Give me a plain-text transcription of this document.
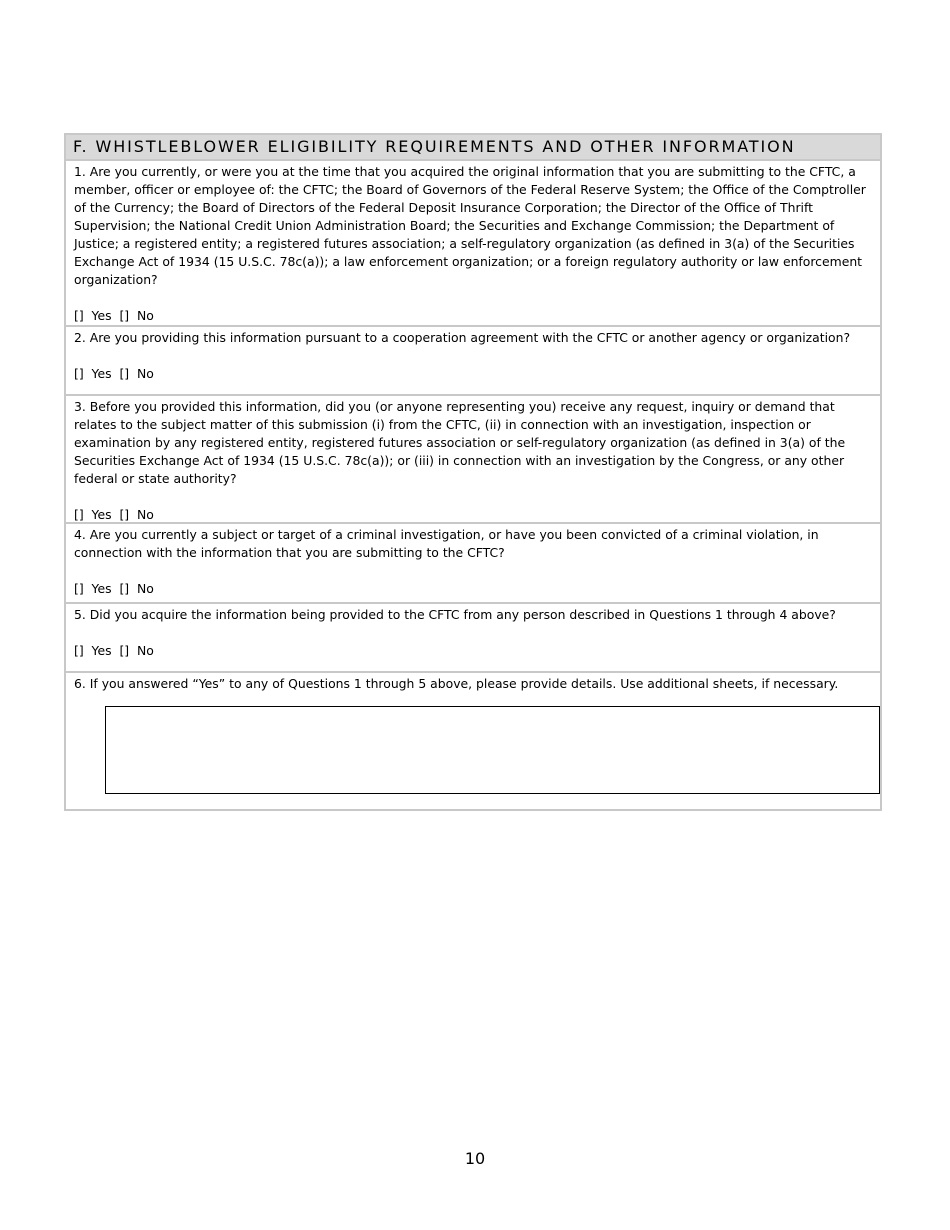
F. WHISTLEBLOWER ELIGIBILITY REQUIREMENTS AND OTHER INFORMATION
1. Are you currently, or were you at the time that you acquired the original information that you are submitting to the CFTC, a member, officer or employee of: the CFTC; the Board of Governors of the Federal Reserve System; the Office of the Comptroller of the Currency; the Board of Directors of the Federal Deposit Insurance Corporation; the Director of the Office of Thrift Supervision; the National Credit Union Administration Board; the Securities and Exchange Commission; the Department of Justice; a registered entity; a registered futures association; a self-regulatory organization (as defined in 3(a) of the Securities Exchange Act of 1934 (15 U.S.C. 78c(a)); a law enforcement organization; or a foreign regulatory authority or law enforcement organization?
[]  Yes []  No
2. Are you providing this information pursuant to a cooperation agreement with the CFTC or another agency or organization?
[]  Yes []  No
3. Before you provided this information, did you (or anyone representing you) receive any request, inquiry or demand that relates to the subject matter of this submission (i) from the CFTC, (ii) in connection with an investigation, inspection or examination by any registered entity, registered futures association or self-regulatory organization (as defined in 3(a) of the Securities Exchange Act of 1934 (15 U.S.C. 78c(a)); or (iii) in connection with an investigation by the Congress, or any other federal or state authority?
[]  Yes []  No
4. Are you currently a subject or target of a criminal investigation, or have you been convicted of a criminal violation, in connection with the information that you are submitting to the CFTC?
[]  Yes []  No
5. Did you acquire the information being provided to the CFTC from any person described in Questions 1 through 4 above?
[]  Yes []  No
6. If you answered “Yes” to any of Questions 1 through 5 above, please provide details. Use additional sheets, if necessary.
10
